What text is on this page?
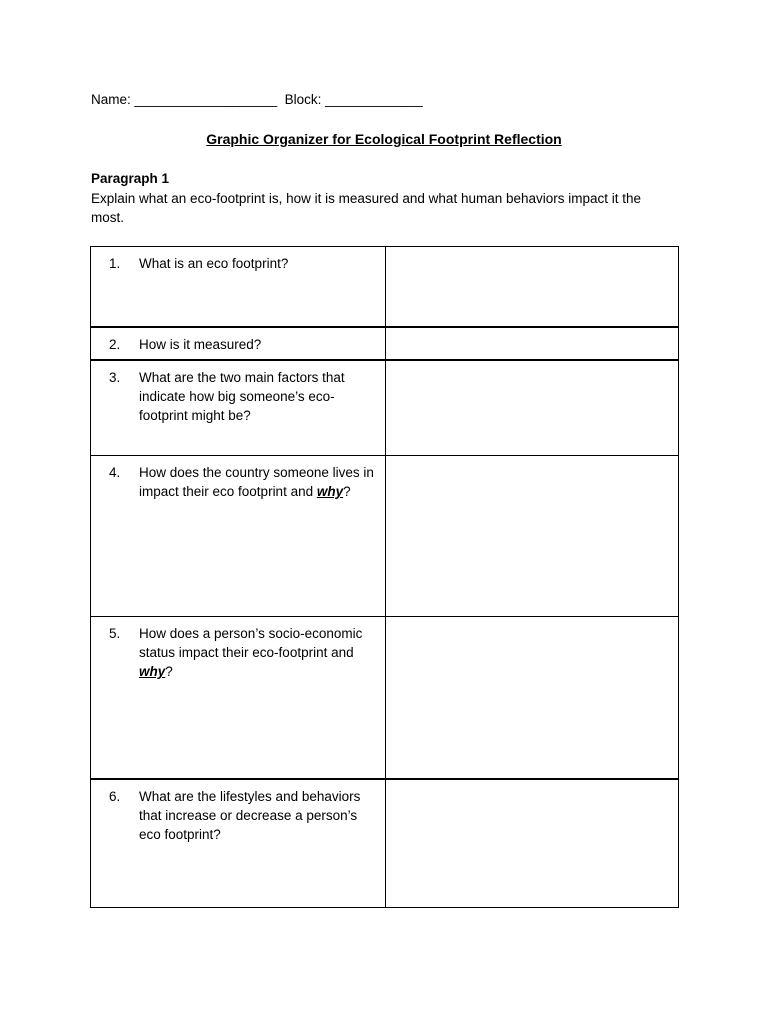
Name: ___________________  Block: _____________
Graphic Organizer for Ecological Footprint Reflection
Paragraph 1
Explain what an eco-footprint is, how it is measured and what human behaviors impact it the most.
1. What is an eco footprint?	

2. How is it measured?	

3. What are the two main factors that indicate how big someone’s eco-footprint might be?	

4. How does the country someone lives in impact their eco footprint and why?	

5. How does a person’s socio-economic status impact their eco-footprint and why?	

6. What are the lifestyles and behaviors that increase or decrease a person’s eco footprint?	
